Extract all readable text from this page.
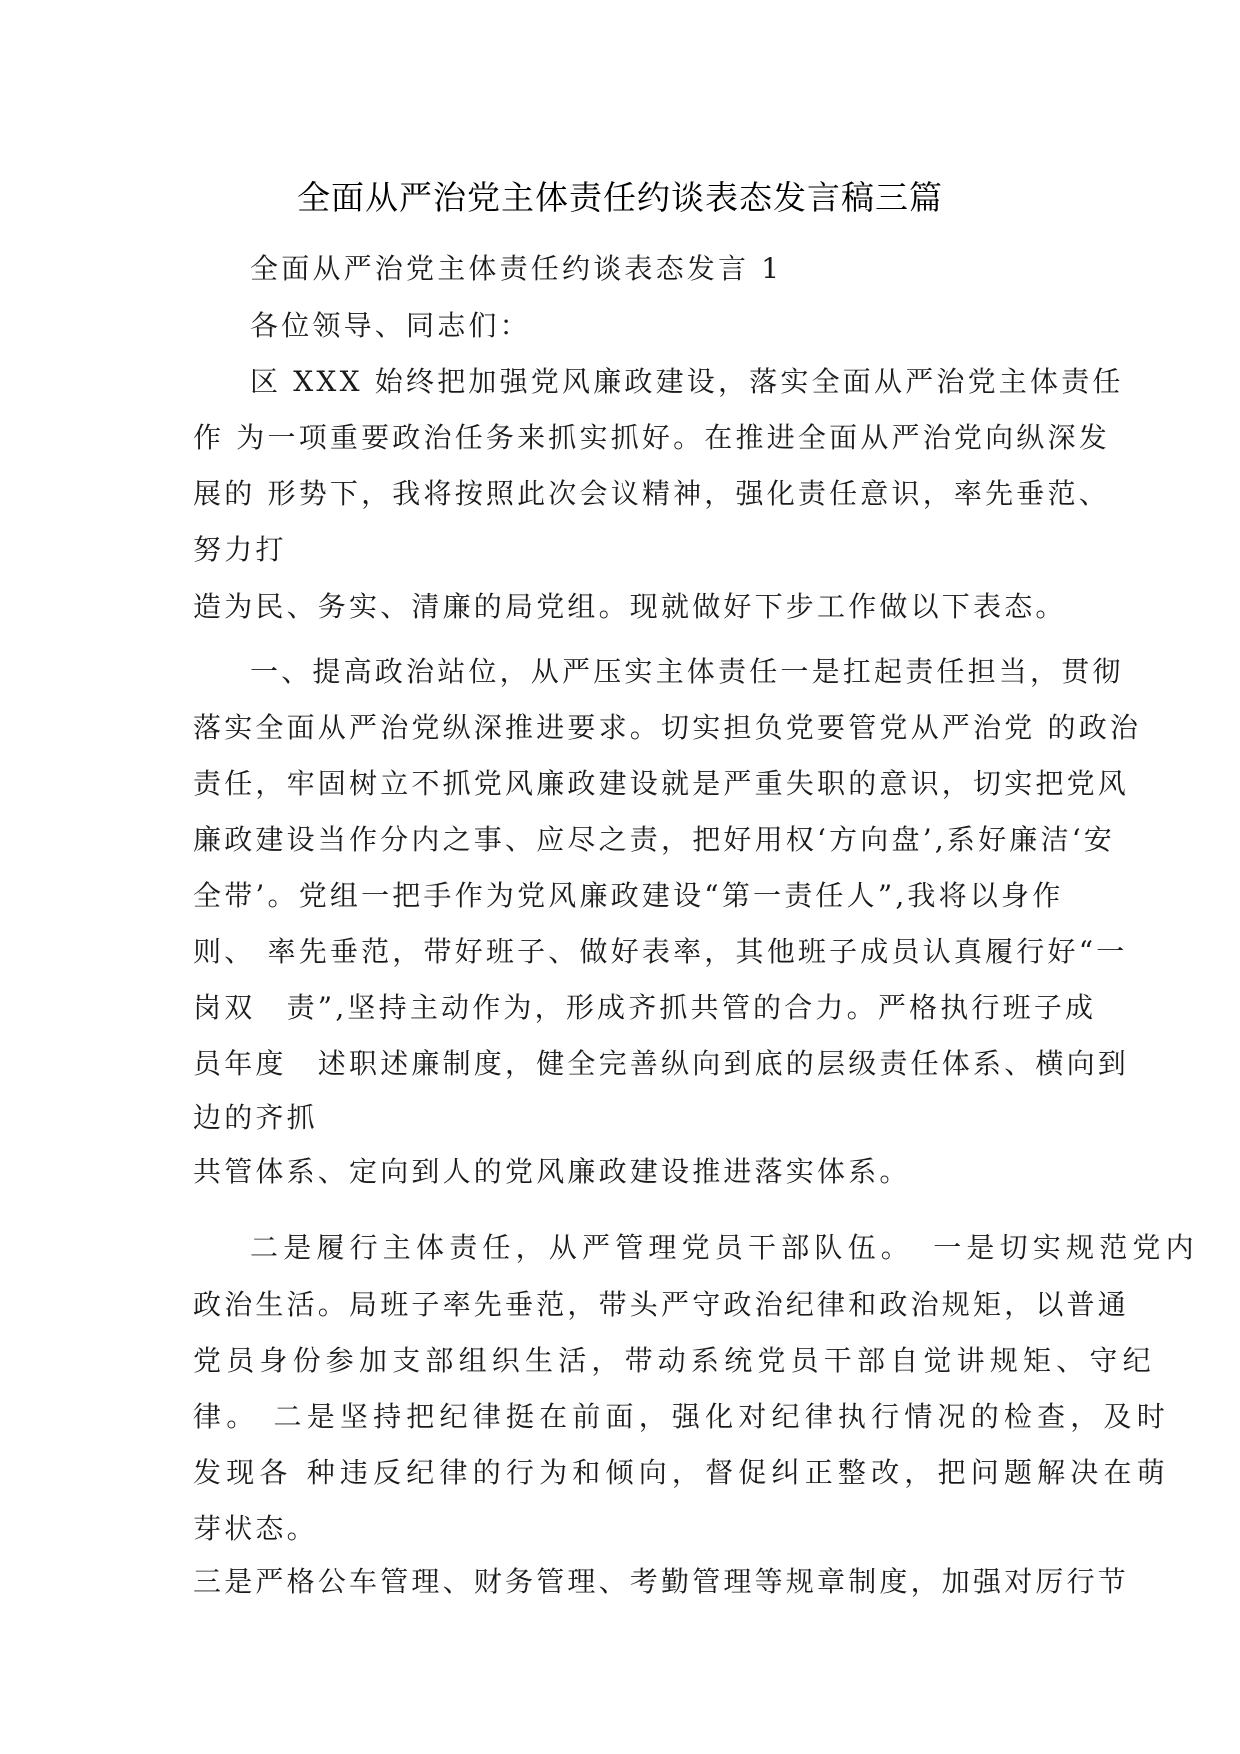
全面从严治党主体责任约谈表态发言稿三篇

全面从严治党主体责任约谈表态发言 1

各位领导、同志们：

区 XXX 始终把加强党风廉政建设，落实全面从严治党主体责任

作 为一项重要政治任务来抓实抓好。在推进全面从严治党向纵深发

展的 形势下，我将按照此次会议精神，强化责任意识，率先垂范、

努力打

造为民、务实、清廉的局党组。现就做好下步工作做以下表态。

一、提高政治站位，从严压实主体责任一是扛起责任担当，贯彻

落实全面从严治党纵深推进要求。切实担负党要管党从严治党 的政治

责任，牢固树立不抓党风廉政建设就是严重失职的意识，切实把党风

廉政建设当作分内之事、应尽之责，把好用权‘方向盘’,系好廉洁‘安

全带’。党组一把手作为党风廉政建设“第一责任人”,我将以身作

则、 率先垂范，带好班子、做好表率，其他班子成员认真履行好“一

岗双　责”,坚持主动作为，形成齐抓共管的合力。严格执行班子成

员年度　述职述廉制度，健全完善纵向到底的层级责任体系、横向到

边的齐抓

共管体系、定向到人的党风廉政建设推进落实体系。

二是履行主体责任，从严管理党员干部队伍。　一是切实规范党内

政治生活。局班子率先垂范，带头严守政治纪律和政治规矩，以普通

党员身份参加支部组织生活，带动系统党员干部自觉讲规矩、守纪

律。 二是坚持把纪律挺在前面，强化对纪律执行情况的检查，及时

发现各 种违反纪律的行为和倾向，督促纠正整改，把问题解决在萌

芽状态。

三是严格公车管理、财务管理、考勤管理等规章制度，加强对厉行节
